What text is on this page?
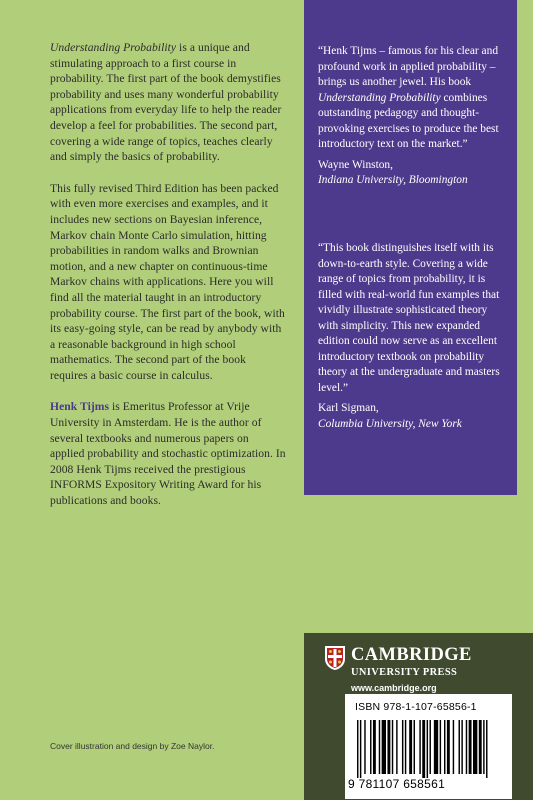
Understanding Probability is a unique and stimulating approach to a first course in probability. The first part of the book demystifies probability and uses many wonderful probability applications from everyday life to help the reader develop a feel for probabilities. The second part, covering a wide range of topics, teaches clearly and simply the basics of probability.

This fully revised Third Edition has been packed with even more exercises and examples, and it includes new sections on Bayesian inference, Markov chain Monte Carlo simulation, hitting probabilities in random walks and Brownian motion, and a new chapter on continuous-time Markov chains with applications. Here you will find all the material taught in an introductory probability course. The first part of the book, with its easy-going style, can be read by anybody with a reasonable background in high school mathematics. The second part of the book requires a basic course in calculus.

Henk Tijms is Emeritus Professor at Vrije University in Amsterdam. He is the author of several textbooks and numerous papers on applied probability and stochastic optimization. In 2008 Henk Tijms received the prestigious INFORMS Expository Writing Award for his publications and books.

Cover illustration and design by Zoe Naylor.
“Henk Tijms – famous for his clear and profound work in applied probability – brings us another jewel. His book Understanding Probability combines outstanding pedagogy and thought-provoking exercises to produce the best introductory text on the market.”
Wayne Winston,
Indiana University, Bloomington
“This book distinguishes itself with its down-to-earth style. Covering a wide range of topics from probability, it is filled with real-world fun examples that vividly illustrate sophisticated theory with simplicity. This new expanded edition could now serve as an excellent introductory textbook on probability theory at the undergraduate and masters level.”
Karl Sigman,
Columbia University, New York
CAMBRIDGE
UNIVERSITY PRESS
www.cambridge.org
ISBN 978-1-107-65856-1
9 781107 658561
